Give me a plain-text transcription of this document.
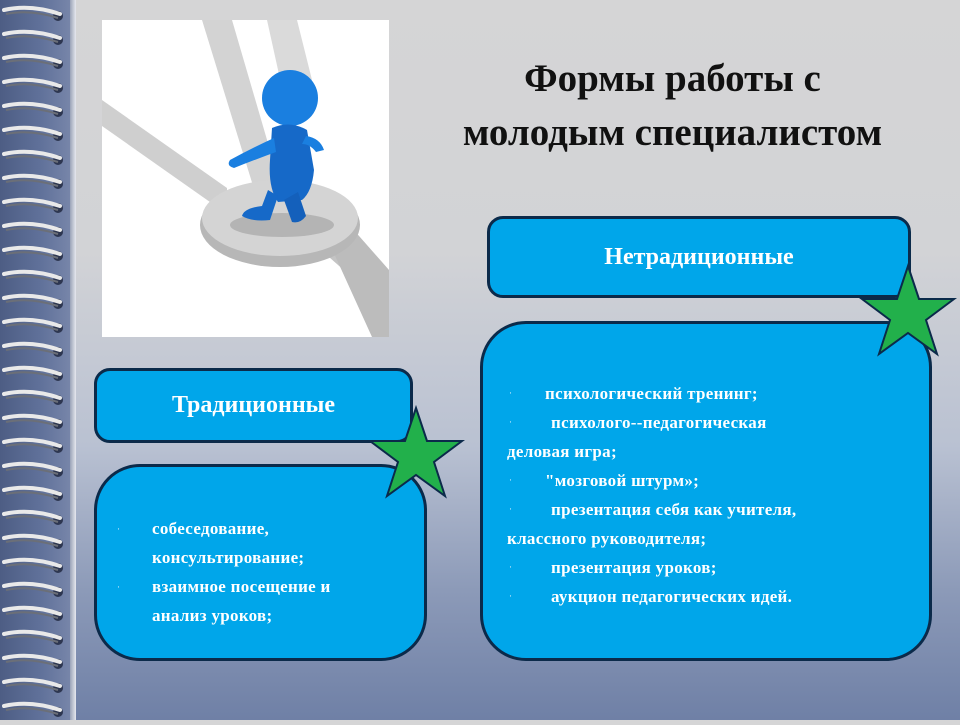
Формы работы с
молодым специалистом
Нетрадиционные
· психологический тренинг;
· психолого--педагогическая
деловая игра;
· "мозговой штурм»;
· презентация себя как учителя,
классного руководителя;
· презентация уроков;
· аукцион педагогических идей.
Традиционные
· собеседование,
консультирование;
· взаимное посещение и
анализ уроков;
